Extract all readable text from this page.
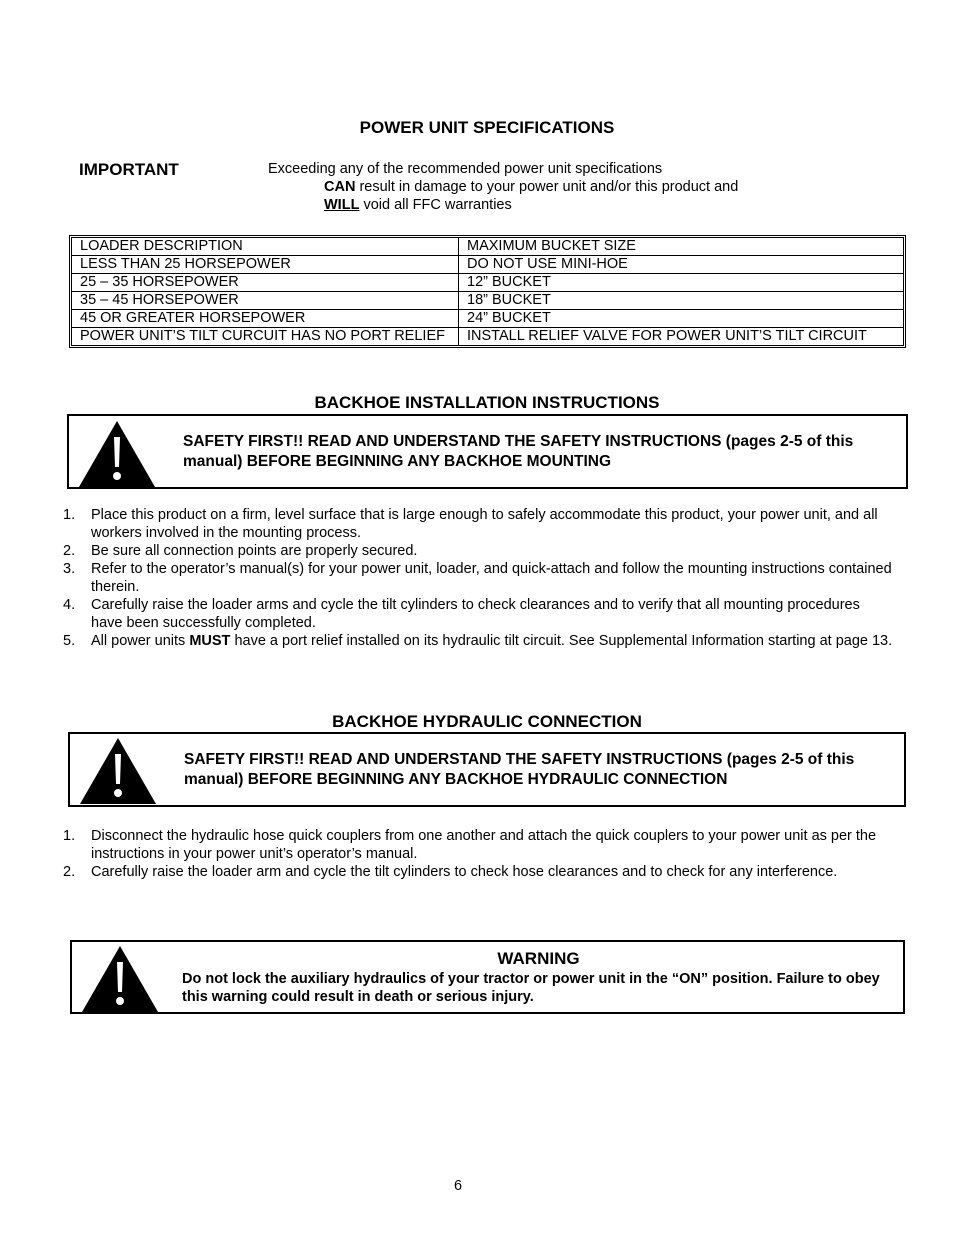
POWER UNIT SPECIFICATIONS
IMPORTANT	Exceeding any of the recommended power unit specifications
CAN result in damage to your power unit and/or this product and
WILL void all FFC warranties
LOADER DESCRIPTION	MAXIMUM BUCKET SIZE
LESS THAN 25 HORSEPOWER	DO NOT USE MINI-HOE
25 – 35 HORSEPOWER	12” BUCKET
35 – 45 HORSEPOWER	18” BUCKET
45 OR GREATER HORSEPOWER	24” BUCKET
POWER UNIT’S TILT CURCUIT HAS NO PORT RELIEF	INSTALL RELIEF VALVE FOR POWER UNIT’S TILT CIRCUIT
BACKHOE INSTALLATION INSTRUCTIONS
SAFETY FIRST!! READ AND UNDERSTAND THE SAFETY INSTRUCTIONS (pages 2-5 of this manual) BEFORE BEGINNING ANY BACKHOE MOUNTING
1. Place this product on a firm, level surface that is large enough to safely accommodate this product, your power unit, and all workers involved in the mounting process.
2. Be sure all connection points are properly secured.
3. Refer to the operator’s manual(s) for your power unit, loader, and quick-attach and follow the mounting instructions contained therein.
4. Carefully raise the loader arms and cycle the tilt cylinders to check clearances and to verify that all mounting procedures have been successfully completed.
5. All power units MUST have a port relief installed on its hydraulic tilt circuit. See Supplemental Information starting at page 13.
BACKHOE HYDRAULIC CONNECTION
SAFETY FIRST!! READ AND UNDERSTAND THE SAFETY INSTRUCTIONS (pages 2-5 of this manual) BEFORE BEGINNING ANY BACKHOE HYDRAULIC CONNECTION
1. Disconnect the hydraulic hose quick couplers from one another and attach the quick couplers to your power unit as per the instructions in your power unit’s operator’s manual.
2. Carefully raise the loader arm and cycle the tilt cylinders to check hose clearances and to check for any interference.
WARNING
Do not lock the auxiliary hydraulics of your tractor or power unit in the “ON” position. Failure to obey this warning could result in death or serious injury.
6
